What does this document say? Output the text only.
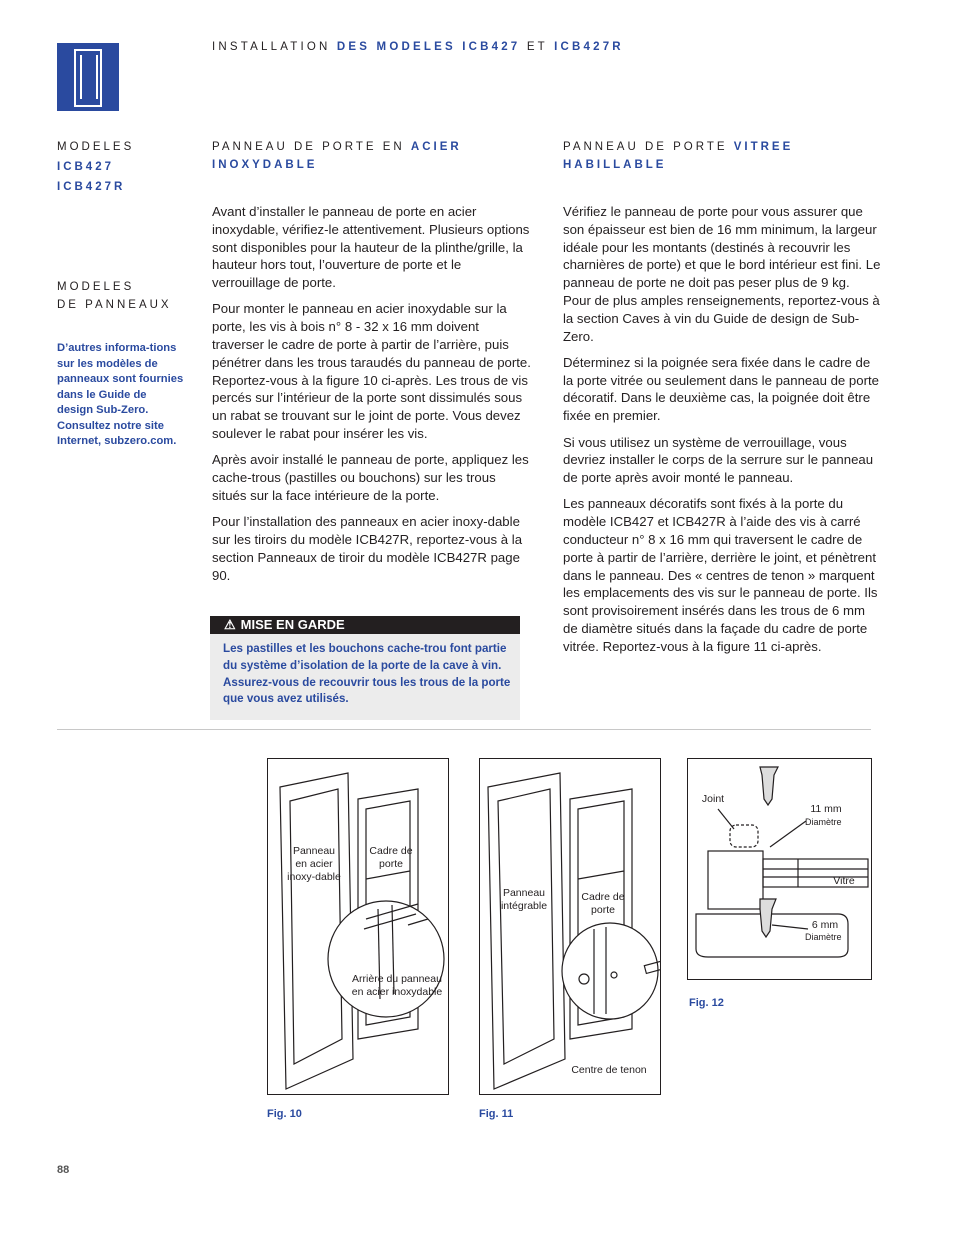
INSTALLATION DES MODELES ICB427 ET ICB427R
MODELES
ICB427
ICB427R
MODELES
DE PANNEAUX
D’autres informa-tions sur les modèles de panneaux sont fournies dans le Guide de design Sub-Zero. Consultez notre site Internet, subzero.com.
PANNEAU DE PORTE EN ACIER
INOXYDABLE

Avant d’installer le panneau de porte en acier inoxydable, vérifiez-le attentivement. Plusieurs options sont disponibles pour la hauteur de la plinthe/grille, la hauteur hors tout, l’ouverture de porte et le verrouillage de porte.

Pour monter le panneau en acier inoxydable sur la porte, les vis à bois n° 8 - 32 x 16 mm doivent traverser le cadre de porte à partir de l’arrière, puis pénétrer dans les trous taraudés du panneau de porte. Reportez-vous à la figure 10 ci-après. Les trous de vis percés sur l’intérieur de la porte sont dissimulés sous un rabat se trouvant sur le joint de porte. Vous devez soulever le rabat pour insérer les vis.

Après avoir installé le panneau de porte, appliquez les cache-trous (pastilles ou bouchons) sur les trous situés sur la face intérieure de la porte.

Pour l’installation des panneaux en acier inoxy-dable sur les tiroirs du modèle ICB427R, reportez-vous à la section Panneaux de tiroir du modèle ICB427R page 90.

⚠ MISE EN GARDE
Les pastilles et les bouchons cache-trou font partie du système d’isolation de la porte de la cave à vin. Assurez-vous de recouvrir tous les trous de la porte que vous avez utilisés.
PANNEAU DE PORTE VITREE
HABILLABLE

Vérifiez le panneau de porte pour vous assurer que son épaisseur est bien de 16 mm minimum, la largeur idéale pour les montants (destinés à recouvrir les charnières de porte) et que le bord intérieur est fini. Le panneau de porte ne doit pas peser plus de 9 kg. Pour de plus amples renseignements, reportez-vous à la section Caves à vin du Guide de design de Sub-Zero.

Déterminez si la poignée sera fixée dans le cadre de la porte vitrée ou seulement dans le panneau de porte décoratif. Dans le deuxième cas, la poignée doit être fixée en premier.

Si vous utilisez un système de verrouillage, vous devriez installer le corps de la serrure sur le panneau de porte après avoir monté le panneau.

Les panneaux décoratifs sont fixés à la porte du modèle ICB427 et ICB427R à l’aide des vis à carré conducteur n° 8 x 16 mm qui traversent le cadre de porte à partir de l’arrière, derrière le joint, et pénètrent dans le panneau. Des « centres de tenon » marquent les emplacements des vis sur le panneau de porte. Ils sont provisoirement insérés dans les trous de 6 mm de diamètre situés dans la façade du cadre de porte vitrée. Reportez-vous à la figure 11 ci-après.

Panneau en acier inoxy-dable
Cadre de porte
Arrière du panneau en acier inoxydable
Fig. 10
Panneau intégrable
Cadre de porte
Centre de tenon
Fig. 11
Joint
11 mm
Diamètre
Vitre
6 mm
Diamètre
Fig. 12
88
